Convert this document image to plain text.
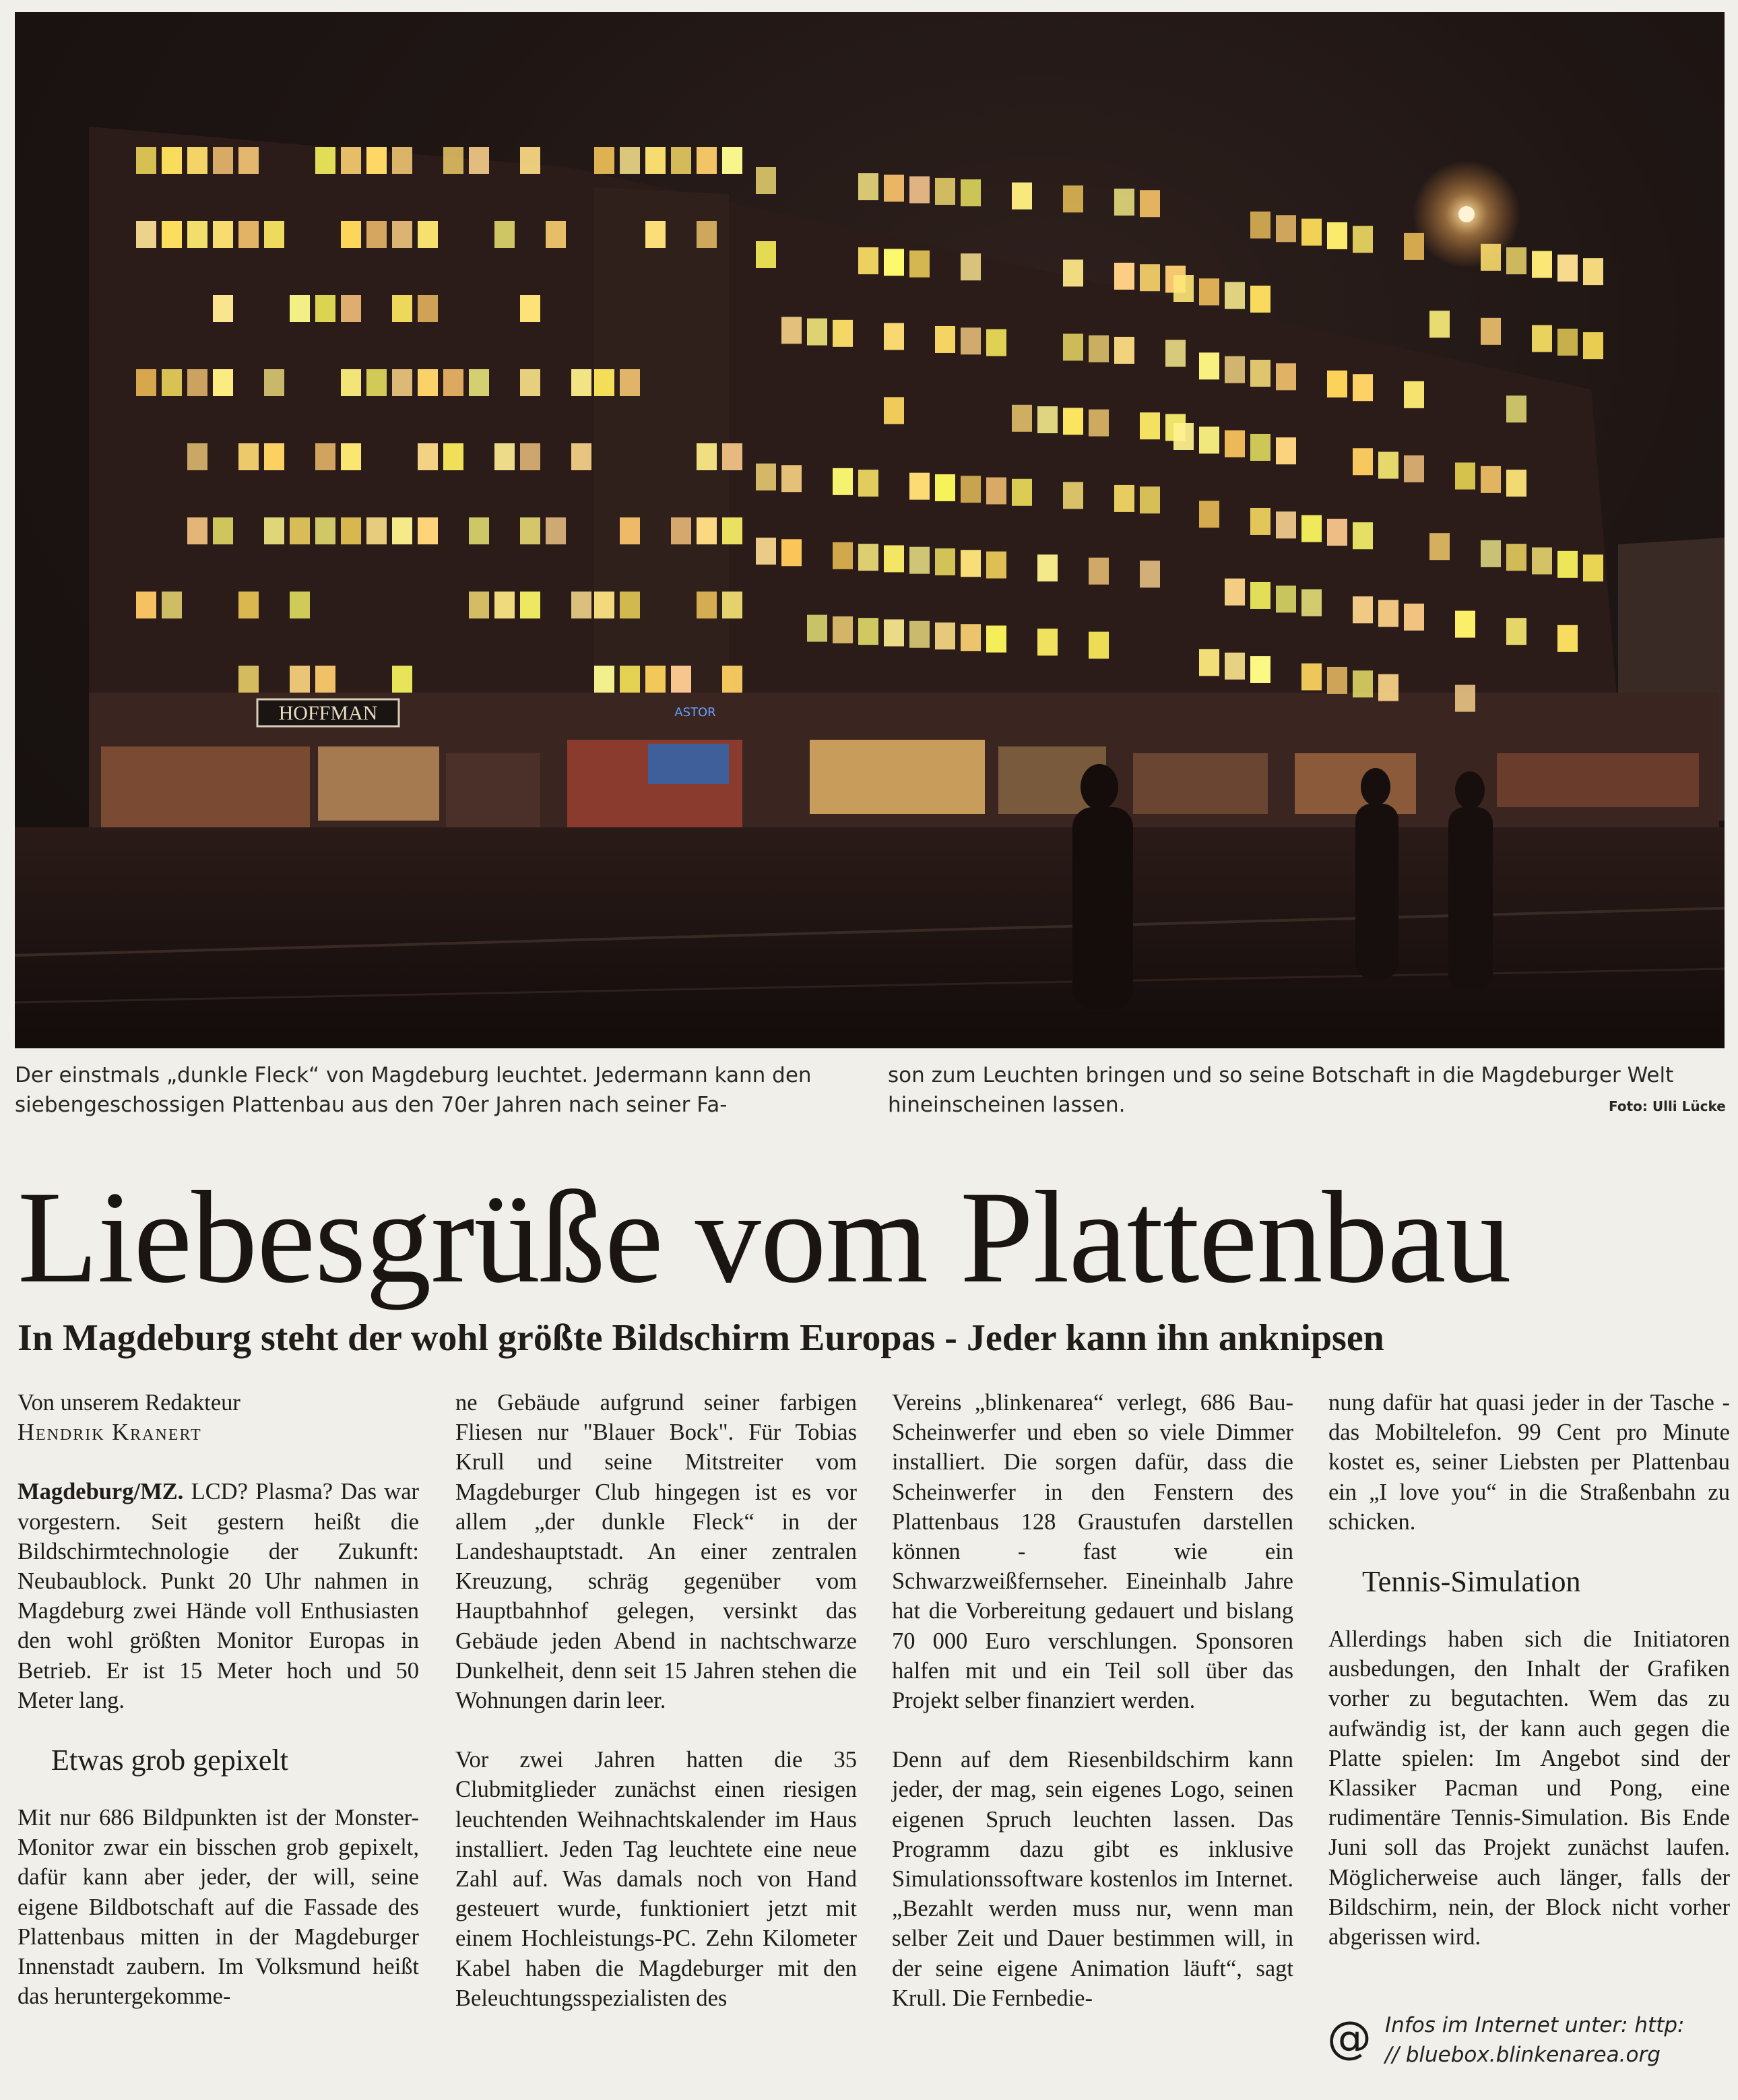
HOFFMAN	ASTOR
Der einstmals „dunkle Fleck“ von Magdeburg leuchtet. Jedermann kann den siebengeschossigen Plattenbau aus den 70er Jahren nach seiner Fa-
son zum Leuchten bringen und so seine Botschaft in die Magdeburger Welt hineinscheinen lassen.	Foto: Ulli Lücke
Liebesgrüße vom Plattenbau
In Magdeburg steht der wohl größte Bildschirm Europas - Jeder kann ihn anknipsen
Von unserem Redakteur
Hendrik Kranert

Magdeburg/MZ. LCD? Plasma? Das war vorgestern. Seit gestern heißt die Bildschirmtechnologie der Zukunft: Neubaublock. Punkt 20 Uhr nahmen in Magdeburg zwei Hände voll Enthusiasten den wohl größten Monitor Europas in Betrieb. Er ist 15 Meter hoch und 50 Meter lang.

Etwas grob gepixelt

Mit nur 686 Bildpunkten ist der Monster-Monitor zwar ein bisschen grob gepixelt, dafür kann aber jeder, der will, seine eigene Bildbotschaft auf die Fassade des Plattenbaus mitten in der Magdeburger Innenstadt zaubern. Im Volksmund heißt das heruntergekomme-

ne Gebäude aufgrund seiner farbigen Fliesen nur "Blauer Bock". Für Tobias Krull und seine Mitstreiter vom Magdeburger Club hingegen ist es vor allem „der dunkle Fleck“ in der Landeshauptstadt. An einer zentralen Kreuzung, schräg gegenüber vom Hauptbahnhof gelegen, versinkt das Gebäude jeden Abend in nachtschwarze Dunkelheit, denn seit 15 Jahren stehen die Wohnungen darin leer.

Vor zwei Jahren hatten die 35 Clubmitglieder zunächst einen riesigen leuchtenden Weihnachtskalender im Haus installiert. Jeden Tag leuchtete eine neue Zahl auf. Was damals noch von Hand gesteuert wurde, funktioniert jetzt mit einem Hochleistungs-PC. Zehn Kilometer Kabel haben die Magdeburger mit den Beleuchtungsspezialisten des

Vereins „blinkenarea“ verlegt, 686 Bau-Scheinwerfer und eben so viele Dimmer installiert. Die sorgen dafür, dass die Scheinwerfer in den Fenstern des Plattenbaus 128 Graustufen darstellen können - fast wie ein Schwarzweißfernseher. Eineinhalb Jahre hat die Vorbereitung gedauert und bislang 70 000 Euro verschlungen. Sponsoren halfen mit und ein Teil soll über das Projekt selber finanziert werden.

Denn auf dem Riesenbildschirm kann jeder, der mag, sein eigenes Logo, seinen eigenen Spruch leuchten lassen. Das Programm dazu gibt es inklusive Simulationssoftware kostenlos im Internet. „Bezahlt werden muss nur, wenn man selber Zeit und Dauer bestimmen will, in der seine eigene Animation läuft“, sagt Krull. Die Fernbedie-

nung dafür hat quasi jeder in der Tasche - das Mobiltelefon. 99 Cent pro Minute kostet es, seiner Liebsten per Plattenbau ein „I love you“ in die Straßenbahn zu schicken.

Tennis-Simulation

Allerdings haben sich die Initiatoren ausbedungen, den Inhalt der Grafiken vorher zu begutachten. Wem das zu aufwändig ist, der kann auch gegen die Platte spielen: Im Angebot sind der Klassiker Pacman und Pong, eine rudimentäre Tennis-Simulation. Bis Ende Juni soll das Projekt zunächst laufen. Möglicherweise auch länger, falls der Bildschirm, nein, der Block nicht vorher abgerissen wird.

@ Infos im Internet unter: http:
// bluebox.blinkenarea.org
